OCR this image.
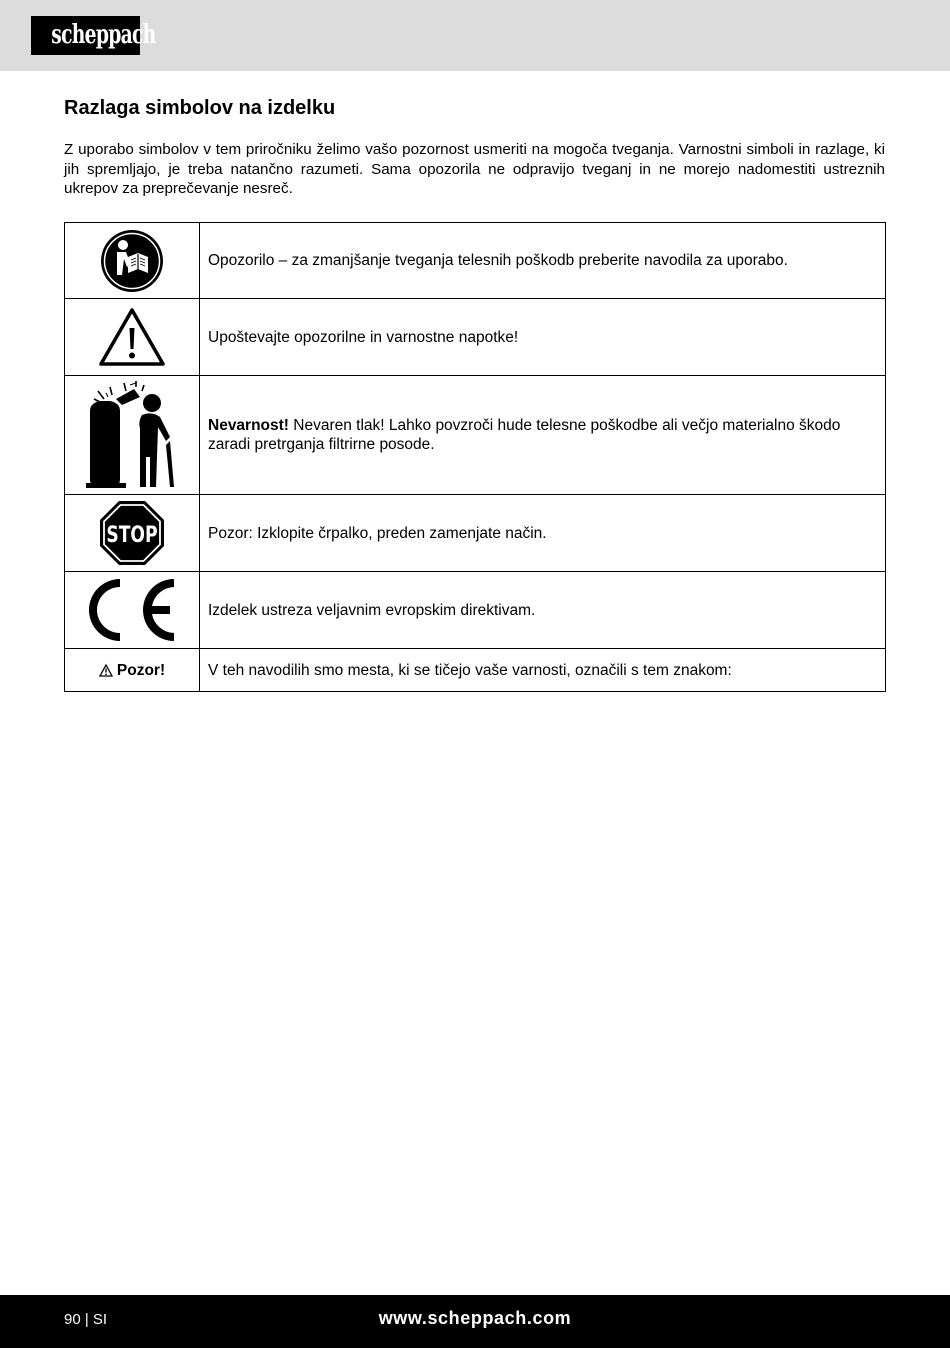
scheppach
Razlaga simbolov na izdelku

Z uporabo simbolov v tem priročniku želimo vašo pozornost usmeriti na mogoča tveganja. Varnostni simboli in razlage, ki jih spremljajo, je treba natančno razumeti. Sama opozorila ne odpravijo tveganj in ne morejo nadomestiti ustreznih ukrepov za preprečevanje nesreč.

	Opozorilo – za zmanjšanje tveganja telesnih poškodb preberite navodila za uporabo.

	Upoštevajte opozorilne in varnostne napotke!

	Nevarnost! Nevaren tlak! Lahko povzroči hude telesne poškodbe ali večjo materialno škodo zaradi pretrganja filtrirne posode.

STOP	Pozor: Izklopite črpalko, preden zamenjate način.

	Izdelek ustreza veljavnim evropskim direktivam.

Pozor!	V teh navodilih smo mesta, ki se tičejo vaše varnosti, označili s tem znakom:
90 | SI	www.scheppach.com
